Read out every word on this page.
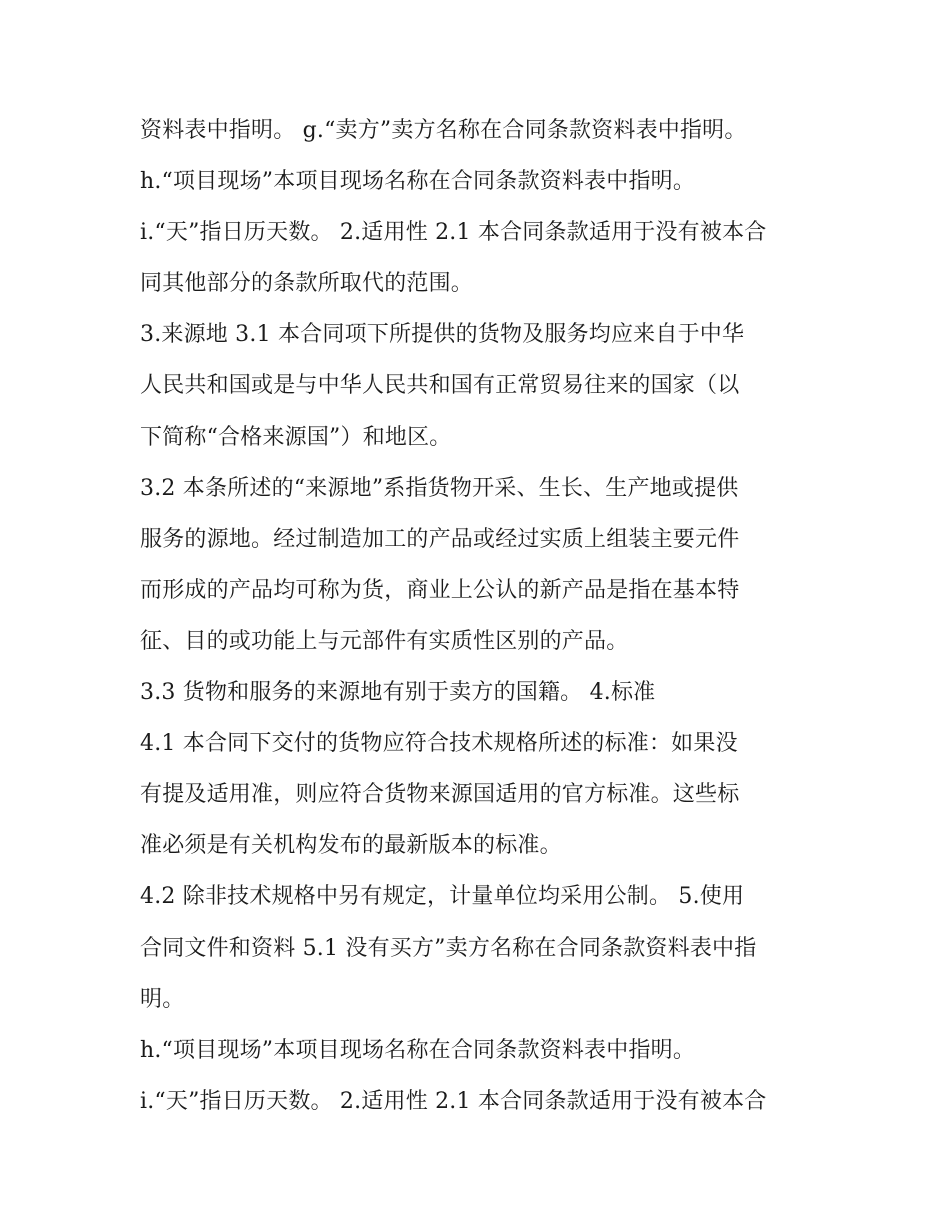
资料表中指明。 g.“卖方”卖方名称在合同条款资料表中指明。
h.“项目现场”本项目现场名称在合同条款资料表中指明。
i.“天”指日历天数。 2.适用性 2.1 本合同条款适用于没有被本合
同其他部分的条款所取代的范围。
3.来源地 3.1 本合同项下所提供的货物及服务均应来自于中华
人民共和国或是与中华人民共和国有正常贸易往来的国家（以
下简称“合格来源国”）和地区。
3.2 本条所述的“来源地”系指货物开采、生长、生产地或提供
服务的源地。经过制造加工的产品或经过实质上组装主要元件
而形成的产品均可称为货，商业上公认的新产品是指在基本特
征、目的或功能上与元部件有实质性区别的产品。
3.3 货物和服务的来源地有别于卖方的国籍。 4.标准
4.1 本合同下交付的货物应符合技术规格所述的标准：如果没
有提及适用准，则应符合货物来源国适用的官方标准。这些标
准必须是有关机构发布的最新版本的标准。
4.2 除非技术规格中另有规定，计量单位均采用公制。 5.使用
合同文件和资料 5.1 没有买方”卖方名称在合同条款资料表中指
明。
h.“项目现场”本项目现场名称在合同条款资料表中指明。
i.“天”指日历天数。 2.适用性 2.1 本合同条款适用于没有被本合
